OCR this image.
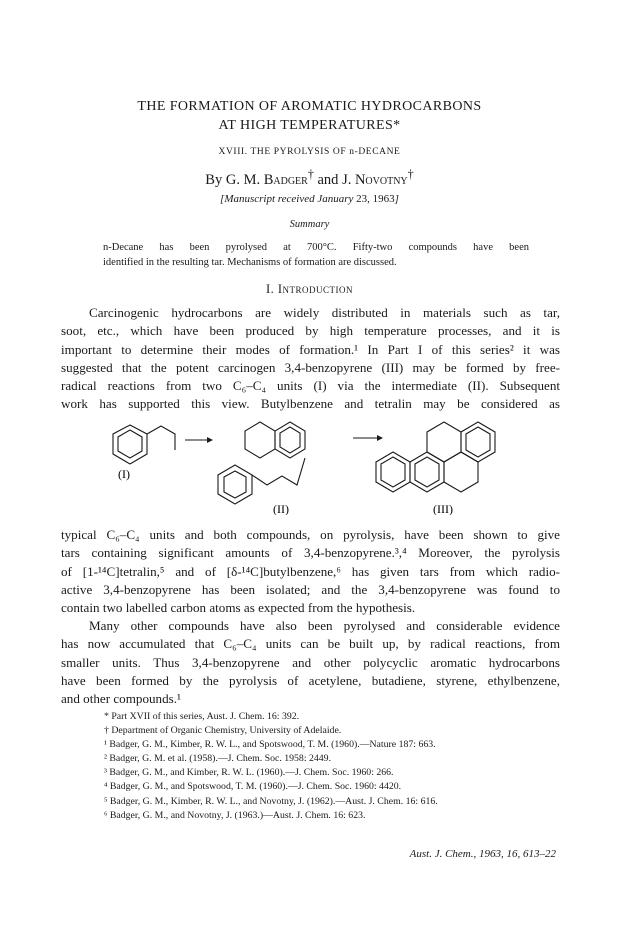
THE FORMATION OF AROMATIC HYDROCARBONS
AT HIGH TEMPERATURES*
XVIII. THE PYROLYSIS OF n-DECANE
By G. M. Badger† and J. Novotny†
[Manuscript received January 23, 1963]
Summary
n-Decane has been pyrolysed at 700°C. Fifty-two compounds have been
identified in the resulting tar. Mechanisms of formation are discussed.
I. Introduction
Carcinogenic hydrocarbons are widely distributed in materials such as tar,
soot, etc., which have been produced by high temperature processes, and it is
important to determine their modes of formation.¹ In Part I of this series² it was
suggested that the potent carcinogen 3,4-benzopyrene (III) may be formed by free-
radical reactions from two C₆–C₄ units (I) via the intermediate (II). Subsequent
work has supported this view. Butylbenzene and tetralin may be considered as
(I)
(II)	(III)
typical C₆–C₄ units and both compounds, on pyrolysis, have been shown to give
tars containing significant amounts of 3,4-benzopyrene.³,⁴ Moreover, the pyrolysis
of [1-¹⁴C]tetralin,⁵ and of [δ-¹⁴C]butylbenzene,⁶ has given tars from which radio-
active 3,4-benzopyrene has been isolated; and the 3,4-benzopyrene was found to
contain two labelled carbon atoms as expected from the hypothesis.
Many other compounds have also been pyrolysed and considerable evidence
has now accumulated that C₆–C₄ units can be built up, by radical reactions, from
smaller units. Thus 3,4-benzopyrene and other polycyclic aromatic hydrocarbons
have been formed by the pyrolysis of acetylene, butadiene, styrene, ethylbenzene,
and other compounds.¹
* Part XVII of this series, Aust. J. Chem. 16: 392.
† Department of Organic Chemistry, University of Adelaide.
¹ Badger, G. M., Kimber, R. W. L., and Spotswood, T. M. (1960).—Nature 187: 663.
² Badger, G. M. et al. (1958).—J. Chem. Soc. 1958: 2449.
³ Badger, G. M., and Kimber, R. W. L. (1960).—J. Chem. Soc. 1960: 266.
⁴ Badger, G. M., and Spotswood, T. M. (1960).—J. Chem. Soc. 1960: 4420.
⁵ Badger, G. M., Kimber, R. W. L., and Novotny, J. (1962).—Aust. J. Chem. 16: 616.
⁶ Badger, G. M., and Novotny, J. (1963.)—Aust. J. Chem. 16: 623.
Aust. J. Chem., 1963, 16, 613–22
